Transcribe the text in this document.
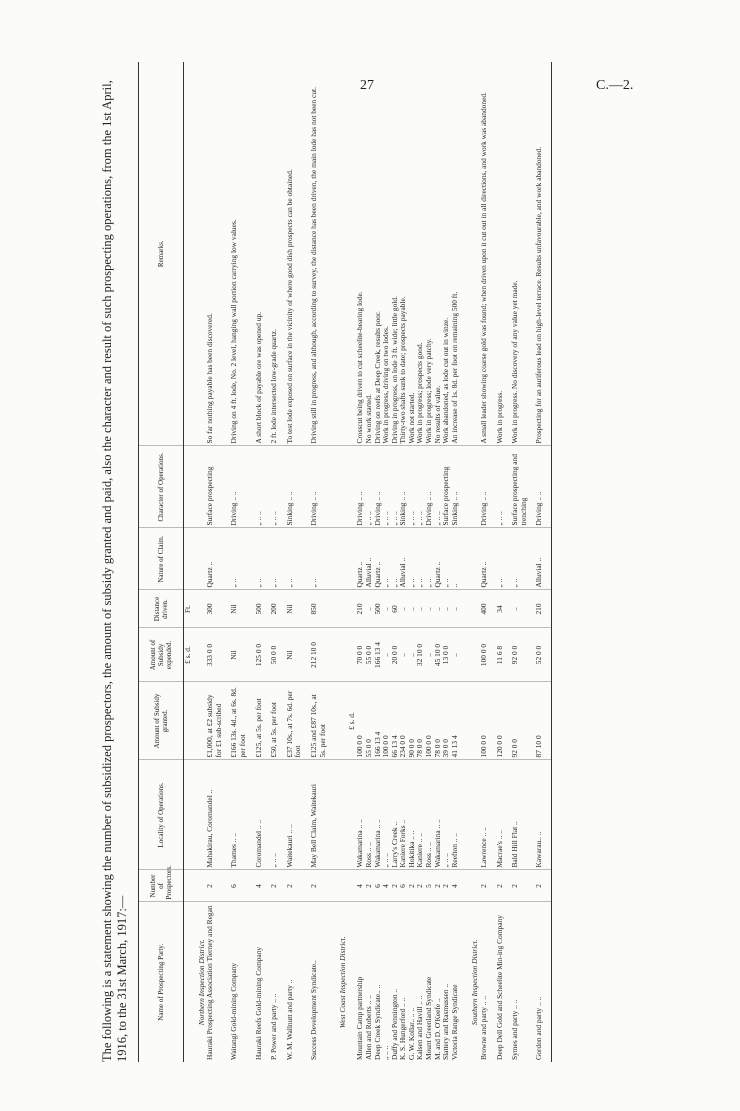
27	C.—2.
The following is a statement showing the number of subsidized prospectors, the amount of subsidy granted and paid, also the character and result of such prospecting operations, from the 1st April, 1916, to the 31st March, 1917:—	Name of Prospecting Party.	Number of Prospectors.	Locality of Operations.	Amount of Subsidy granted.	Amount of Subsidy expended.	Distance driven.	Nature of Claim.	Character of Operations.	Remarks.
				£ s. d.	Ft.			
Northern Inspection District.								
Hauraki Prospecting Association Tierney and Regan	2	Mahakirau, Coromandel ..	£1,000, at £2 subsidy for £1 sub-scribed	333 0 0	300	Quartz ..	Surface prospecting	So far nothing payable has been discovered.

Waitangi Gold-mining Company	6	Thames .. ..	£166 13s. 4d., at 6s. 8d. per foot	Nil	Nil	„ ..	Driving .. ..	Driving on 4 ft. lode, No. 2 level, hanging wall portion carrying low values.

Hauraki Reefs Gold-mining Company	4	Coromandel .. ..	£125, at 5s. per foot	125 0 0	500	„ ..	„ .. ..	A short block of payable ore was opened up.

P. Power and party .. ..	2	„ .. ..	£50, at 5s. per foot	50 0 0	200	„ ..	„ .. ..	2 ft. lode intersected low-grade quartz.

W. M. Wallnutt and party ..	2	Waitekauri .. ..	£37 10s., at 7s. 6d. per foot	Nil	Nil	„ ..	Sinking .. ..	To test lode exposed on surface in the vicinity of where good dish prospects can be obtained.

Success Development Syndicate..	2	May Bell Claim, Waitekauri	£125 and £87 10s., at 5s. per foot	212 10 0	850	„ ..	Driving .. ..	Driving still in progress, and although, according to survey, the distance has been driven, the main lode has not been cut.

West Coast Inspection District.								
			£ s. d.					
Mountain Camp partnership	4	Wakamarina .. ..	100 0 0	70 0 0	210	Quartz ..	Driving .. ..	Crosscut being driven to cut scheelite-bearing lode.
Allen and Roberts .. ..	2	Ross .. ..	55 0 0	55 0 0	..	Alluvial ..	„ .. ..	No work started.
Deep Creek Syndicate.. ..	6	Wakamarina .. ..	166 13 4	166 13 4	500	Quartz ..	Driving .. ..	Driving on reefs at Deep Creek, results poor.
„ .. ..	4	„ .. ..	100 0 0	..	..	„ ..	„ .. ..	Work in progress, driving on two lodes.
Duffy and Pennington ..	2	Larry's Creek ..	66 13 4	20 0 0	60	„ ..	„ .. ..	Driving in progress, on lode 3 ft. wide; little gold.
K. S. Hungerford .. ..	6	Kaniere Forks ..	234 0 0	..	..	Alluvial ..	Sinking .. ..	Thirty-two shafts sunk to date; prospects payable.
G. W. Kollar.. .. ..	2	Hokitika .. ..	90 0 0	..	..	„ ..	„ .. ..	Work not started.
Kalsen and Havill .. ..	2	Kaniere .. ..	78 0 0	32 10 0	..	„ ..	„ .. ..	Work in progress; prospects good.
Mount Greenland Syndicate	5	Ross .. ..	100 0 0	..	..	„ ..	Driving .. ..	Work in progress; lode very patchy.
M. and D. O'Keefe ..	2	Wakamarina .. ..	78 0 0	45 10 0	..	Quartz ..	„ .. ..	No results of value.
Slattery and Rasmussen ..	2	„ .. ..	39 0 0	13 0 0	..	„ ..	Surface prospecting	Work abandoned, as lode cut out in winze.
Victoria Range Syndicate	4	Reefton .. ..	41 13 4	..	..	..	Sinking .. ..	An increase of 1s. 8d. per foot on remaining 500 ft.

Southern Inspection District.								
Browne and party .. ..	2	Lawrence .. ..	100 0 0	100 0 0	400	Quartz ..	Driving .. ..	A small leader showing coarse gold was found; when driven upon it cut out in all directions, and work was abandoned.

Deep Dell Gold and Scheelite Min-ing Company	2	Macrae's .. ..	120 0 0	11 6 8	34	„ ..	„ .. ..	Work in progress.

Symes and party .. ..	2	Bald Hill Flat ..	92 0 0	92 0 0	..	„ ..	Surface prospecting and trenching	Work in progress. No discovery of any value yet made.

Gordon and party .. ..	2	Kawarau.. ..	87 10 0	52 0 0	210	Alluvial ..	Driving .. ..	Prospecting for an auriferous lead on high-level terrace. Results unfavourable, and work abandoned.
